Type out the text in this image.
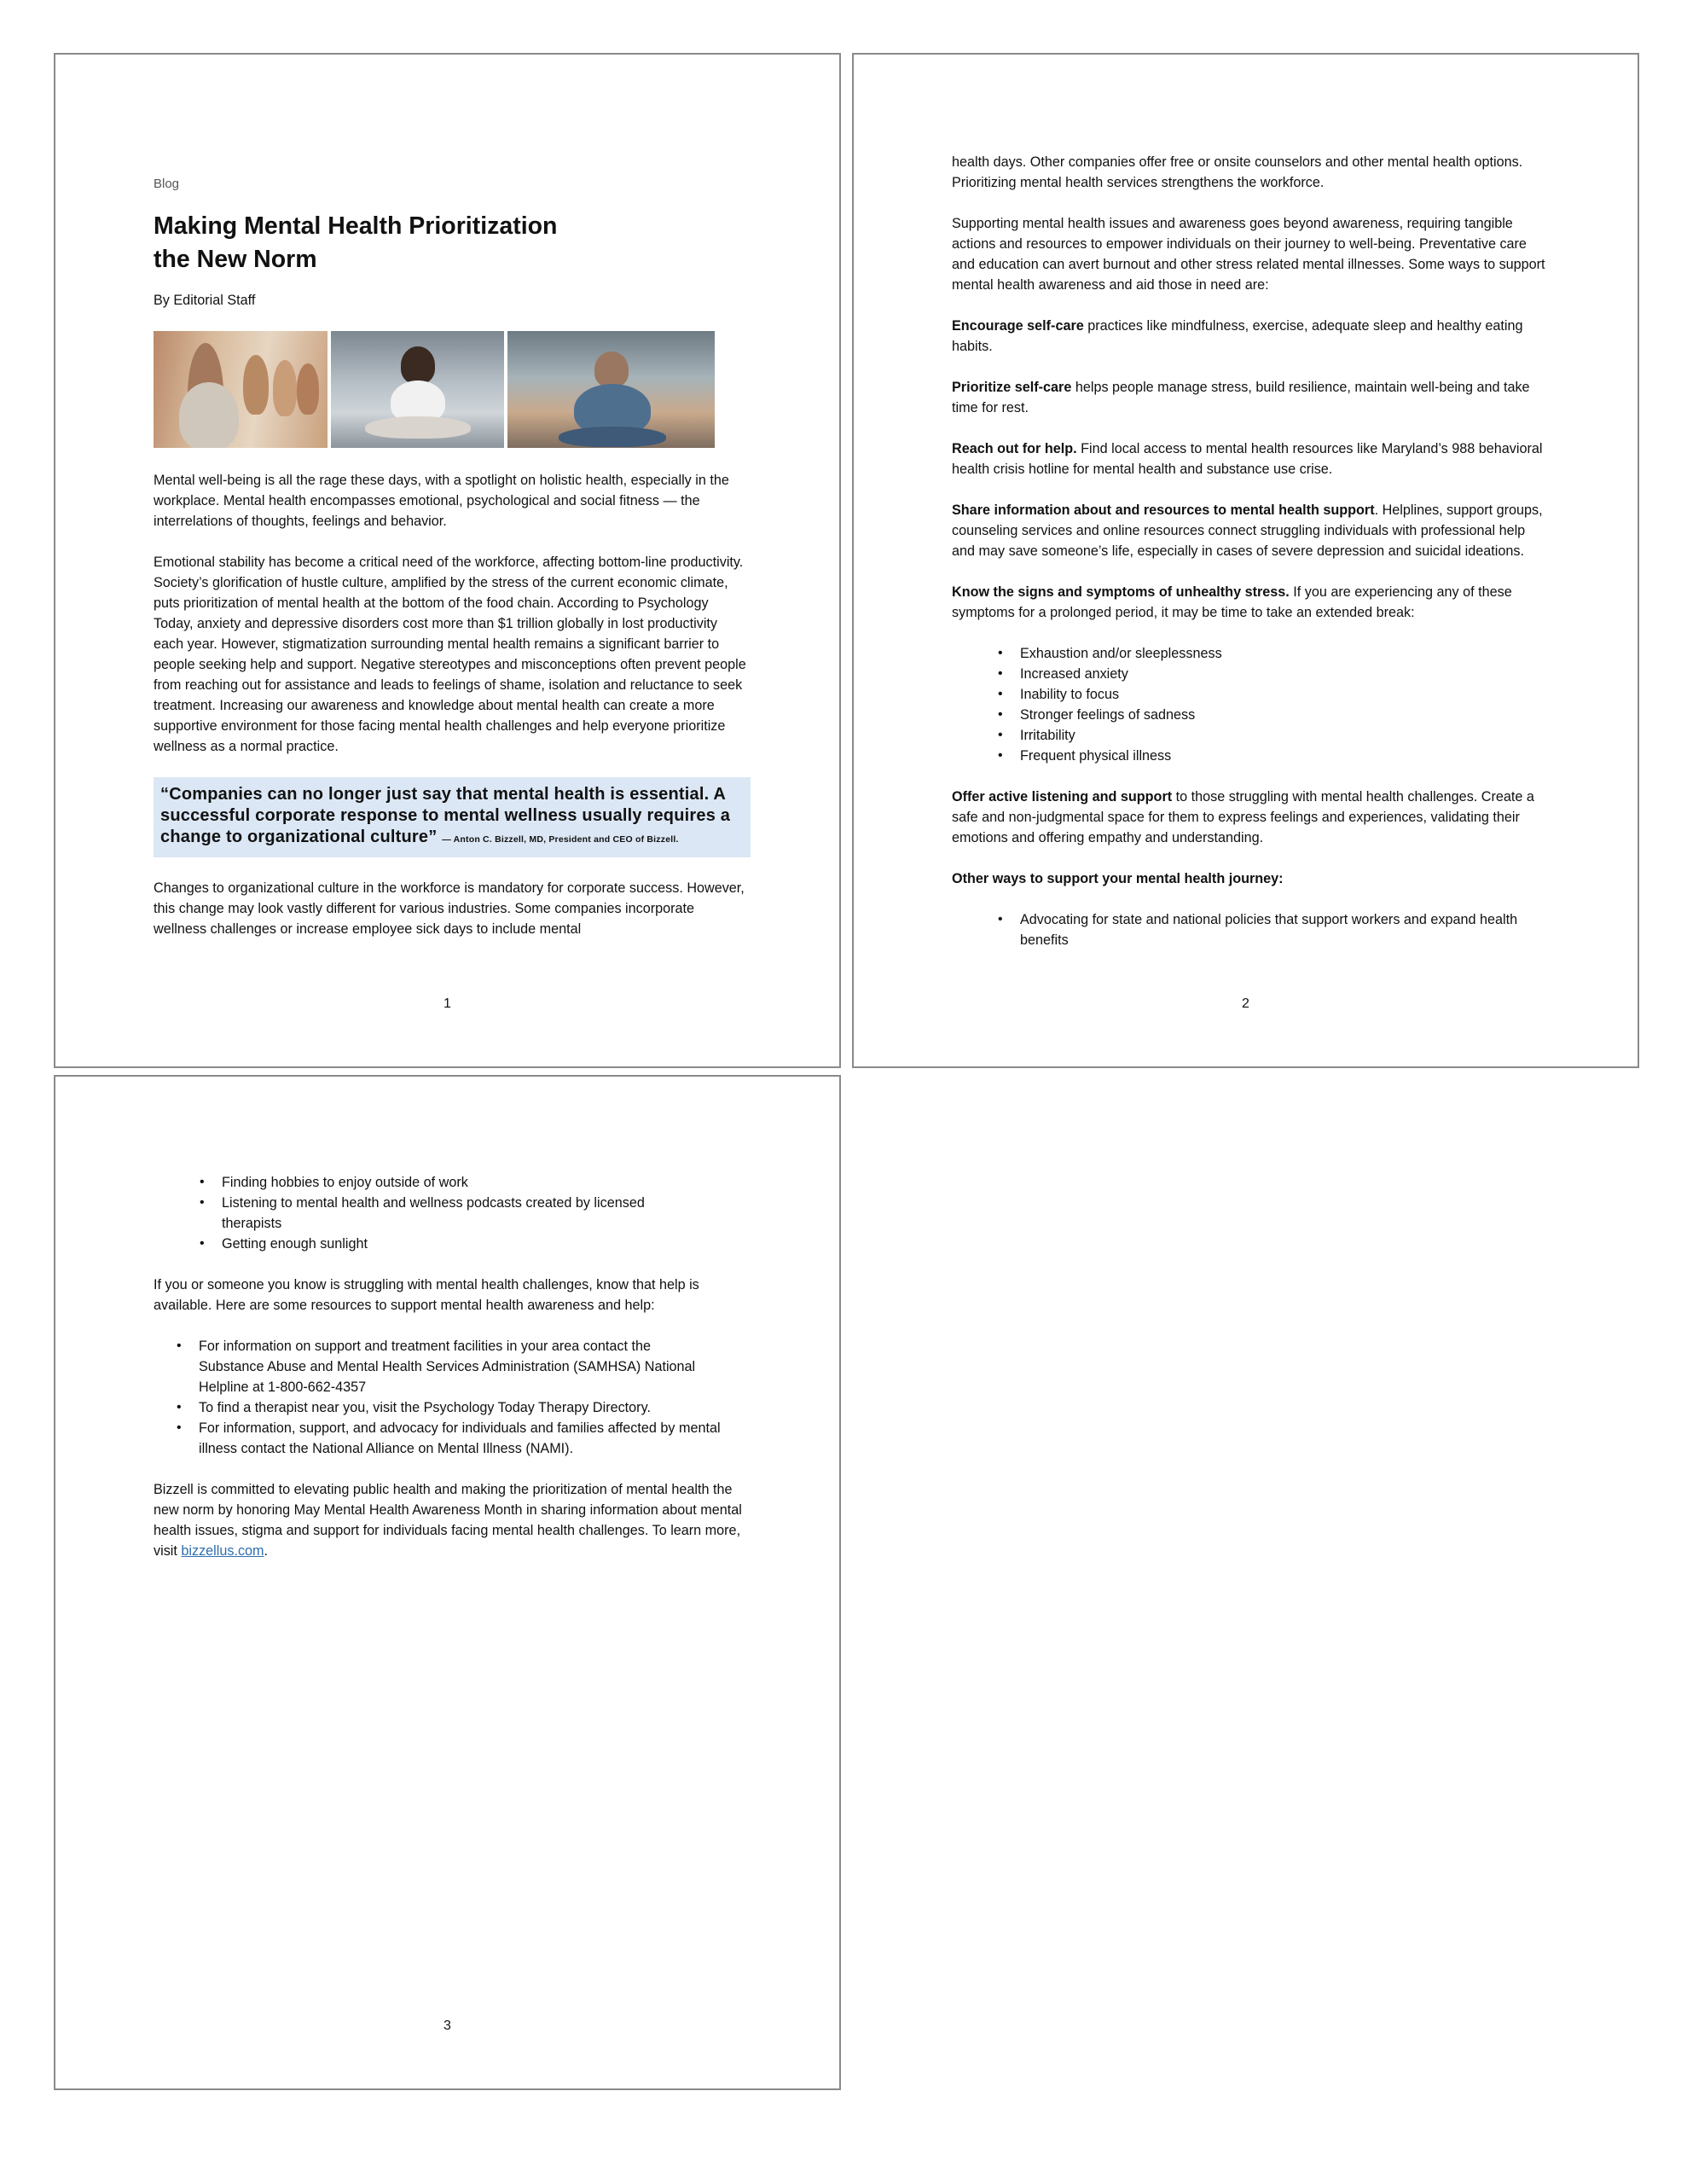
Blog
Making Mental Health Prioritization the New Norm
By Editorial Staff

Mental well-being is all the rage these days, with a spotlight on holistic health, especially in the workplace. Mental health encompasses emotional, psychological and social fitness — the interrelations of thoughts, feelings and behavior.

Emotional stability has become a critical need of the workforce, affecting bottom-line productivity. Society’s glorification of hustle culture, amplified by the stress of the current economic climate, puts prioritization of mental health at the bottom of the food chain. According to Psychology Today, anxiety and depressive disorders cost more than $1 trillion globally in lost productivity each year. However, stigmatization surrounding mental health remains a significant barrier to people seeking help and support. Negative stereotypes and misconceptions often prevent people from reaching out for assistance and leads to feelings of shame, isolation and reluctance to seek treatment. Increasing our awareness and knowledge about mental health can create a more supportive environment for those facing mental health challenges and help everyone prioritize wellness as a normal practice.

“Companies can no longer just say that mental health is essential. A successful corporate response to mental wellness usually requires a change to organizational culture” — Anton C. Bizzell, MD, President and CEO of Bizzell.

Changes to organizational culture in the workforce is mandatory for corporate success. However, this change may look vastly different for various industries. Some companies incorporate wellness challenges or increase employee sick days to include mental

1

health days. Other companies offer free or onsite counselors and other mental health options. Prioritizing mental health services strengthens the workforce.

Supporting mental health issues and awareness goes beyond awareness, requiring tangible actions and resources to empower individuals on their journey to well-being. Preventative care and education can avert burnout and other stress related mental illnesses. Some ways to support mental health awareness and aid those in need are:

Encourage self-care practices like mindfulness, exercise, adequate sleep and healthy eating habits.

Prioritize self-care helps people manage stress, build resilience, maintain well-being and take time for rest.

Reach out for help. Find local access to mental health resources like Maryland’s 988 behavioral health crisis hotline for mental health and substance use crise.

Share information about and resources to mental health support. Helplines, support groups, counseling services and online resources connect struggling individuals with professional help and may save someone’s life, especially in cases of severe depression and suicidal ideations.

Know the signs and symptoms of unhealthy stress. If you are experiencing any of these symptoms for a prolonged period, it may be time to take an extended break:

• Exhaustion and/or sleeplessness
• Increased anxiety
• Inability to focus
• Stronger feelings of sadness
• Irritability
• Frequent physical illness

Offer active listening and support to those struggling with mental health challenges. Create a safe and non-judgmental space for them to express feelings and experiences, validating their emotions and offering empathy and understanding.

Other ways to support your mental health journey:

• Advocating for state and national policies that support workers and expand health benefits
2
• Finding hobbies to enjoy outside of work
• Listening to mental health and wellness podcasts created by licensed therapists
• Getting enough sunlight

If you or someone you know is struggling with mental health challenges, know that help is available. Here are some resources to support mental health awareness and help:

• For information on support and treatment facilities in your area contact the Substance Abuse and Mental Health Services Administration (SAMHSA) National Helpline at 1-800-662-4357
• To find a therapist near you, visit the Psychology Today Therapy Directory.
• For information, support, and advocacy for individuals and families affected by mental illness contact the National Alliance on Mental Illness (NAMI).

Bizzell is committed to elevating public health and making the prioritization of mental health the new norm by honoring May Mental Health Awareness Month in sharing information about mental health issues, stigma and support for individuals facing mental health challenges. To learn more, visit bizzellus.com.

3
